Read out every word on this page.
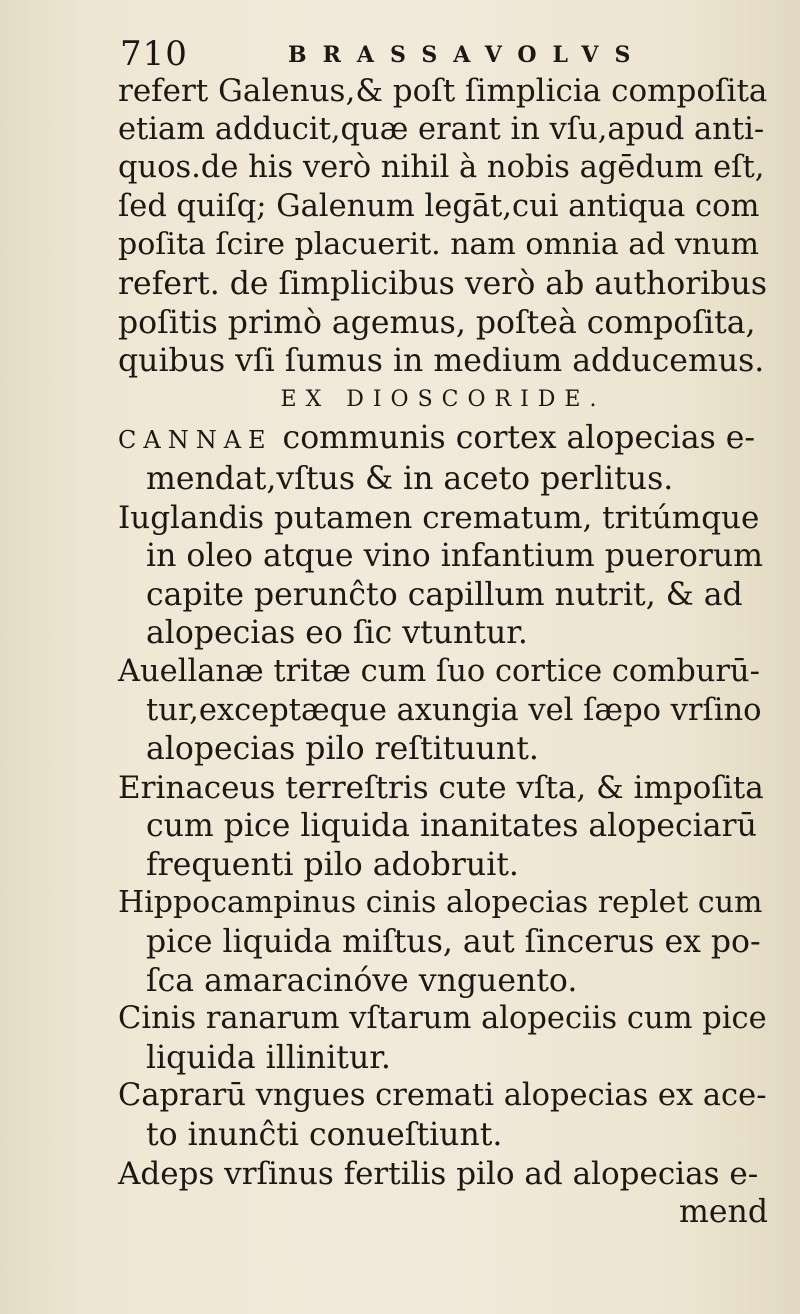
710	BRASSAVOLVS
refert Galenus,& poſt ſimplicia compoſita
etiam adducit,quæ erant in vſu,apud anti-
quos.de his verò nihil à nobis agēdum eſt,
ſed quiſq; Galenum legāt,cui antiqua com
poſita ſcire placuerit. nam omnia ad vnum
refert. de ſimplicibus verò ab authoribus
poſitis primò agemus, poſteà compoſita,
quibus vſi ſumus in medium adducemus.
EX DIOSCORIDE.
CANNAE communis cortex alopecias e-
mendat,vſtus & in aceto perlitus.
Iuglandis putamen crematum, tritúmque
in oleo atque vino infantium puerorum
capite perunĉto capillum nutrit, & ad
alopecias eo ſic vtuntur.
Auellanæ tritæ cum ſuo cortice comburū-
tur,exceptæque axungia vel ſæpo vrſino
alopecias pilo reſtituunt.
Erinaceus terreſtris cute vſta, & impoſita
cum pice liquida inanitates alopeciarū
frequenti pilo adobruit.
Hippocampinus cinis alopecias replet cum
pice liquida miſtus, aut ſincerus ex po-
ſca amaracinóve vnguento.
Cinis ranarum vſtarum alopeciis cum pice
liquida illinitur.
Caprarū vngues cremati alopecias ex ace-
to inunĉti conueſtiunt.
Adeps vrſinus fertilis pilo ad alopecias e-
mend
